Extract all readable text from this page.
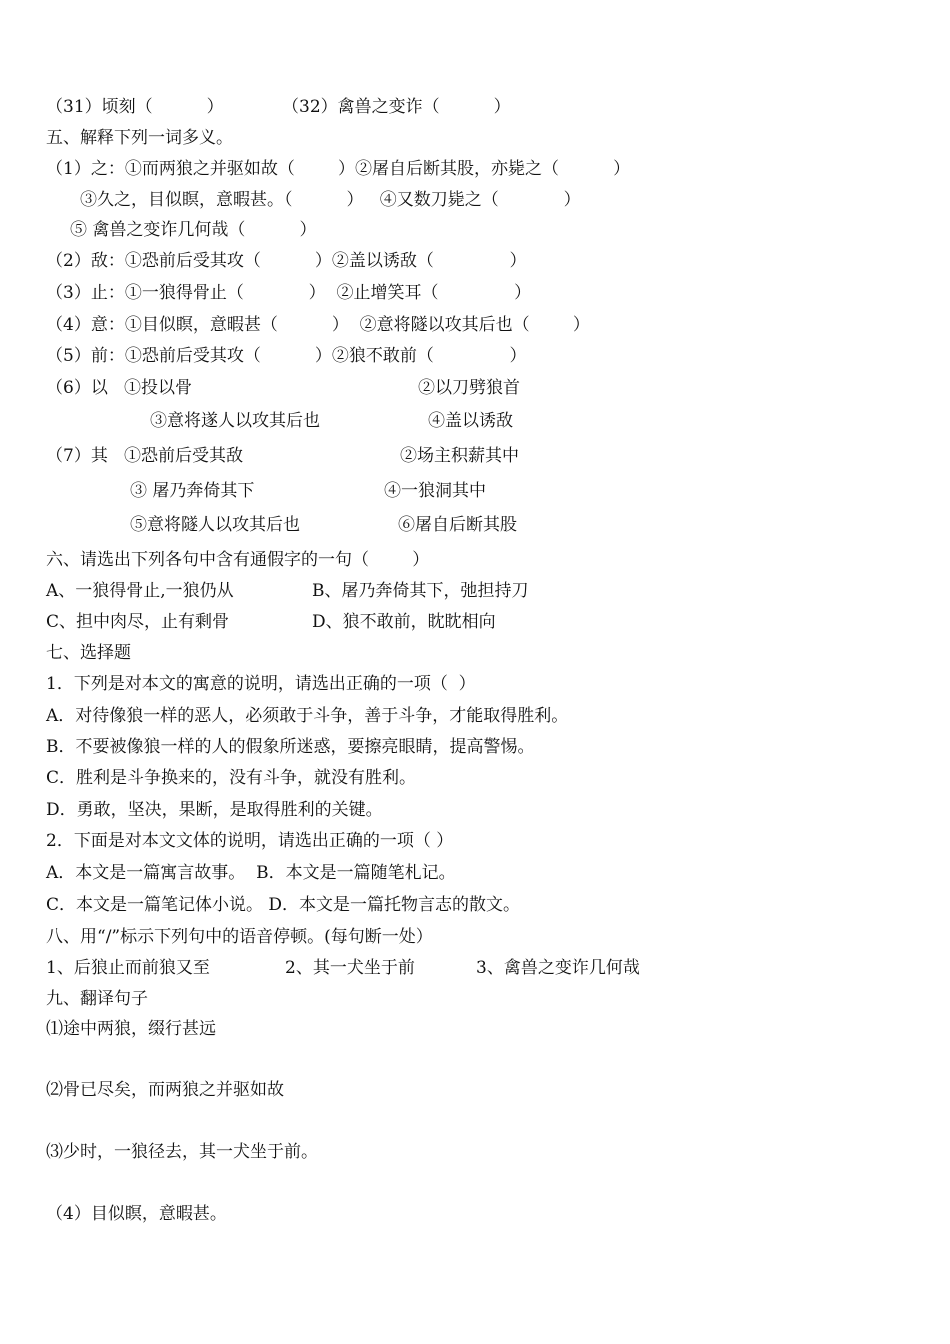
（31）顷刻（          ）	（32）禽兽之变诈（          ）
五、解释下列一词多义。
（1）之：①而两狼之并驱如故（        ）②屠自后断其股，亦毙之（          ）
③久之，目似瞑，意暇甚。（          ）   ④又数刀毙之（            ）
⑤ 禽兽之变诈几何哉（          ）
（2）敌：①恐前后受其攻（          ）②盖以诱敌（              ）
（3）止：①一狼得骨止（            ）  ②止增笑耳（              ）
（4）意：①目似瞑，意暇甚（          ）  ②意将隧以攻其后也（        ）
（5）前：①恐前后受其攻（          ）②狼不敢前（              ）
（6）以   ①投以骨	②以刀劈狼首
③意将遂人以攻其后也	④盖以诱敌
（7）其   ①恐前后受其敌	②场主积薪其中
③ 屠乃奔倚其下	④一狼洞其中
⑤意将隧人以攻其后也	⑥屠自后断其股
六、请选出下列各句中含有通假字的一句（        ）
A、一狼得骨止,一狼仍从	B、屠乃奔倚其下，弛担持刀
C、担中肉尽，止有剩骨	D、狼不敢前，眈眈相向
七、选择题
1．下列是对本文的寓意的说明，请选出正确的一项（  ）
A．对待像狼一样的恶人，必须敢于斗争，善于斗争，才能取得胜利。
B．不要被像狼一样的人的假象所迷惑，要擦亮眼睛，提高警惕。
C．胜利是斗争换来的，没有斗争，就没有胜利。
D．勇敢，坚决，果断，是取得胜利的关键。
2．下面是对本文文体的说明，请选出正确的一项（ ）
A．本文是一篇寓言故事。  B．本文是一篇随笔札记。
C．本文是一篇笔记体小说。 D．本文是一篇托物言志的散文。
八、用“/”标示下列句中的语音停顿。(每句断一处）
1、后狼止而前狼又至	2、其一犬坐于前	3、禽兽之变诈几何哉
九、翻译句子
⑴途中两狼，缀行甚远
⑵骨已尽矣，而两狼之并驱如故
⑶少时，一狼径去，其一犬坐于前。
（4）目似瞑，意暇甚。
